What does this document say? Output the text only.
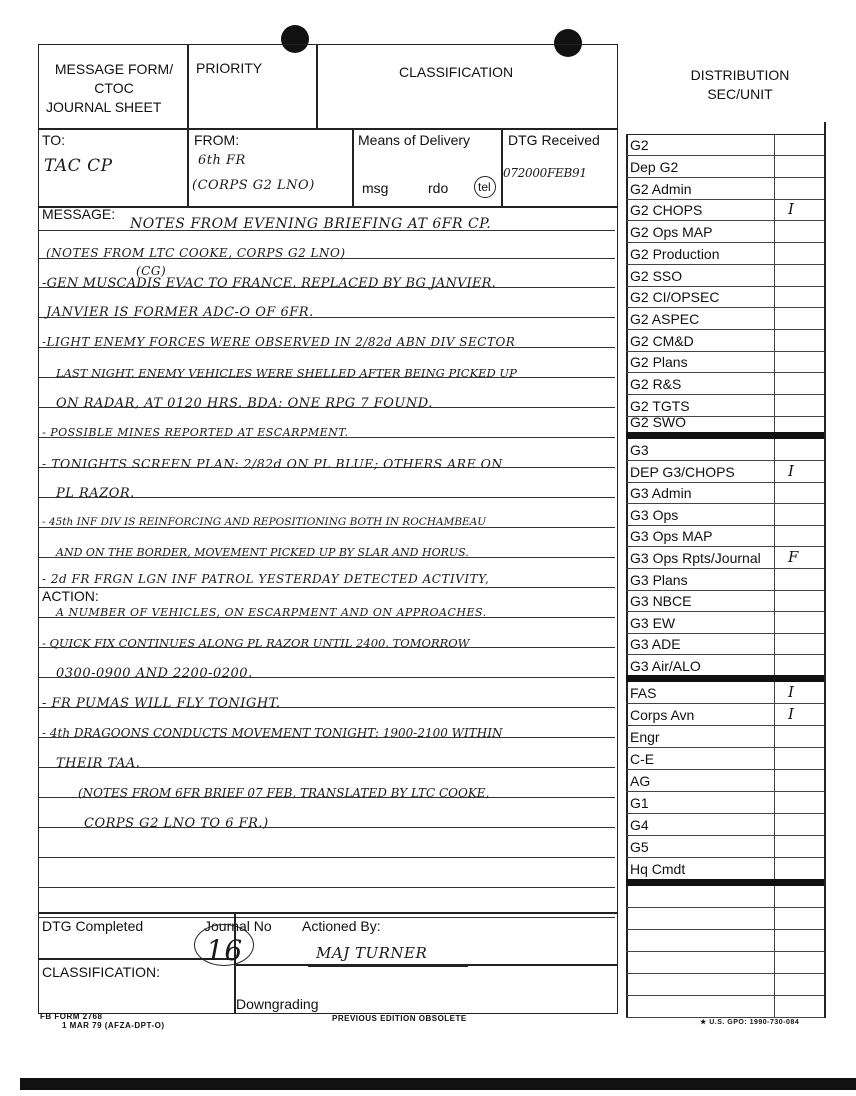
MESSAGE FORM/
CTOC
JOURNAL SHEET
PRIORITY	CLASSIFICATION
TO:
TAC CP
FROM:
6th FR
(CORPS G2 LNO)
Means of Delivery
msg	rdo tel
DTG Received
072000FEB91
MESSAGE:
ACTION:
(CG)
NOTES FROM EVENING BRIEFING AT 6FR CP.
(NOTES FROM LTC COOKE, CORPS G2 LNO)
-GEN MUSCADIS EVAC TO FRANCE. REPLACED BY BG JANVIER.
JANVIER IS FORMER ADC-O OF 6FR.
-LIGHT ENEMY FORCES WERE OBSERVED IN 2/82d ABN DIV SECTOR
LAST NIGHT. ENEMY VEHICLES WERE SHELLED AFTER BEING PICKED UP
ON RADAR, AT 0120 HRS. BDA: ONE RPG 7 FOUND.
- POSSIBLE MINES REPORTED AT ESCARPMENT.
- TONIGHTS SCREEN PLAN: 2/82d ON PL BLUE; OTHERS ARE ON
PL RAZOR.
- 45th INF DIV IS REINFORCING AND REPOSITIONING BOTH IN ROCHAMBEAU
AND ON THE BORDER, MOVEMENT PICKED UP BY SLAR AND HORUS.
- 2d FR FRGN LGN INF PATROL YESTERDAY DETECTED ACTIVITY,
A NUMBER OF VEHICLES, ON ESCARPMENT AND ON APPROACHES.
- QUICK FIX CONTINUES ALONG PL RAZOR UNTIL 2400. TOMORROW
0300-0900 AND 2200-0200.
- FR PUMAS WILL FLY TONIGHT.
- 4th DRAGOONS CONDUCTS MOVEMENT TONIGHT: 1900-2100 WITHIN
THEIR TAA.
(NOTES FROM 6FR BRIEF 07 FEB, TRANSLATED BY LTC COOKE,
CORPS G2 LNO TO 6 FR.)
DTG Completed	Journal No
16
Actioned By:
MAJ TURNER
CLASSIFICATION:
Downgrading
FB FORM 2768
1 MAR 79 (AFZA-DPT-O)
PREVIOUS EDITION OBSOLETE	★ U.S. GPO: 1990-730-084
DISTRIBUTION
SEC/UNIT
G2
Dep G2
G2 Admin
G2 CHOPS	I
G2 Ops MAP
G2 Production
G2 SSO
G2 CI/OPSEC
G2 ASPEC
G2 CM&D
G2 Plans
G2 R&S
G2 TGTS
G2 SWO
G3
DEP G3/CHOPS	I
G3 Admin
G3 Ops
G3 Ops MAP
G3 Ops Rpts/Journal F
G3 Plans
G3 NBCE
G3 EW
G3 ADE
G3 Air/ALO
FAS	I
Corps Avn	I
Engr
C-E
AG
G1
G4
G5
Hq Cmdt
